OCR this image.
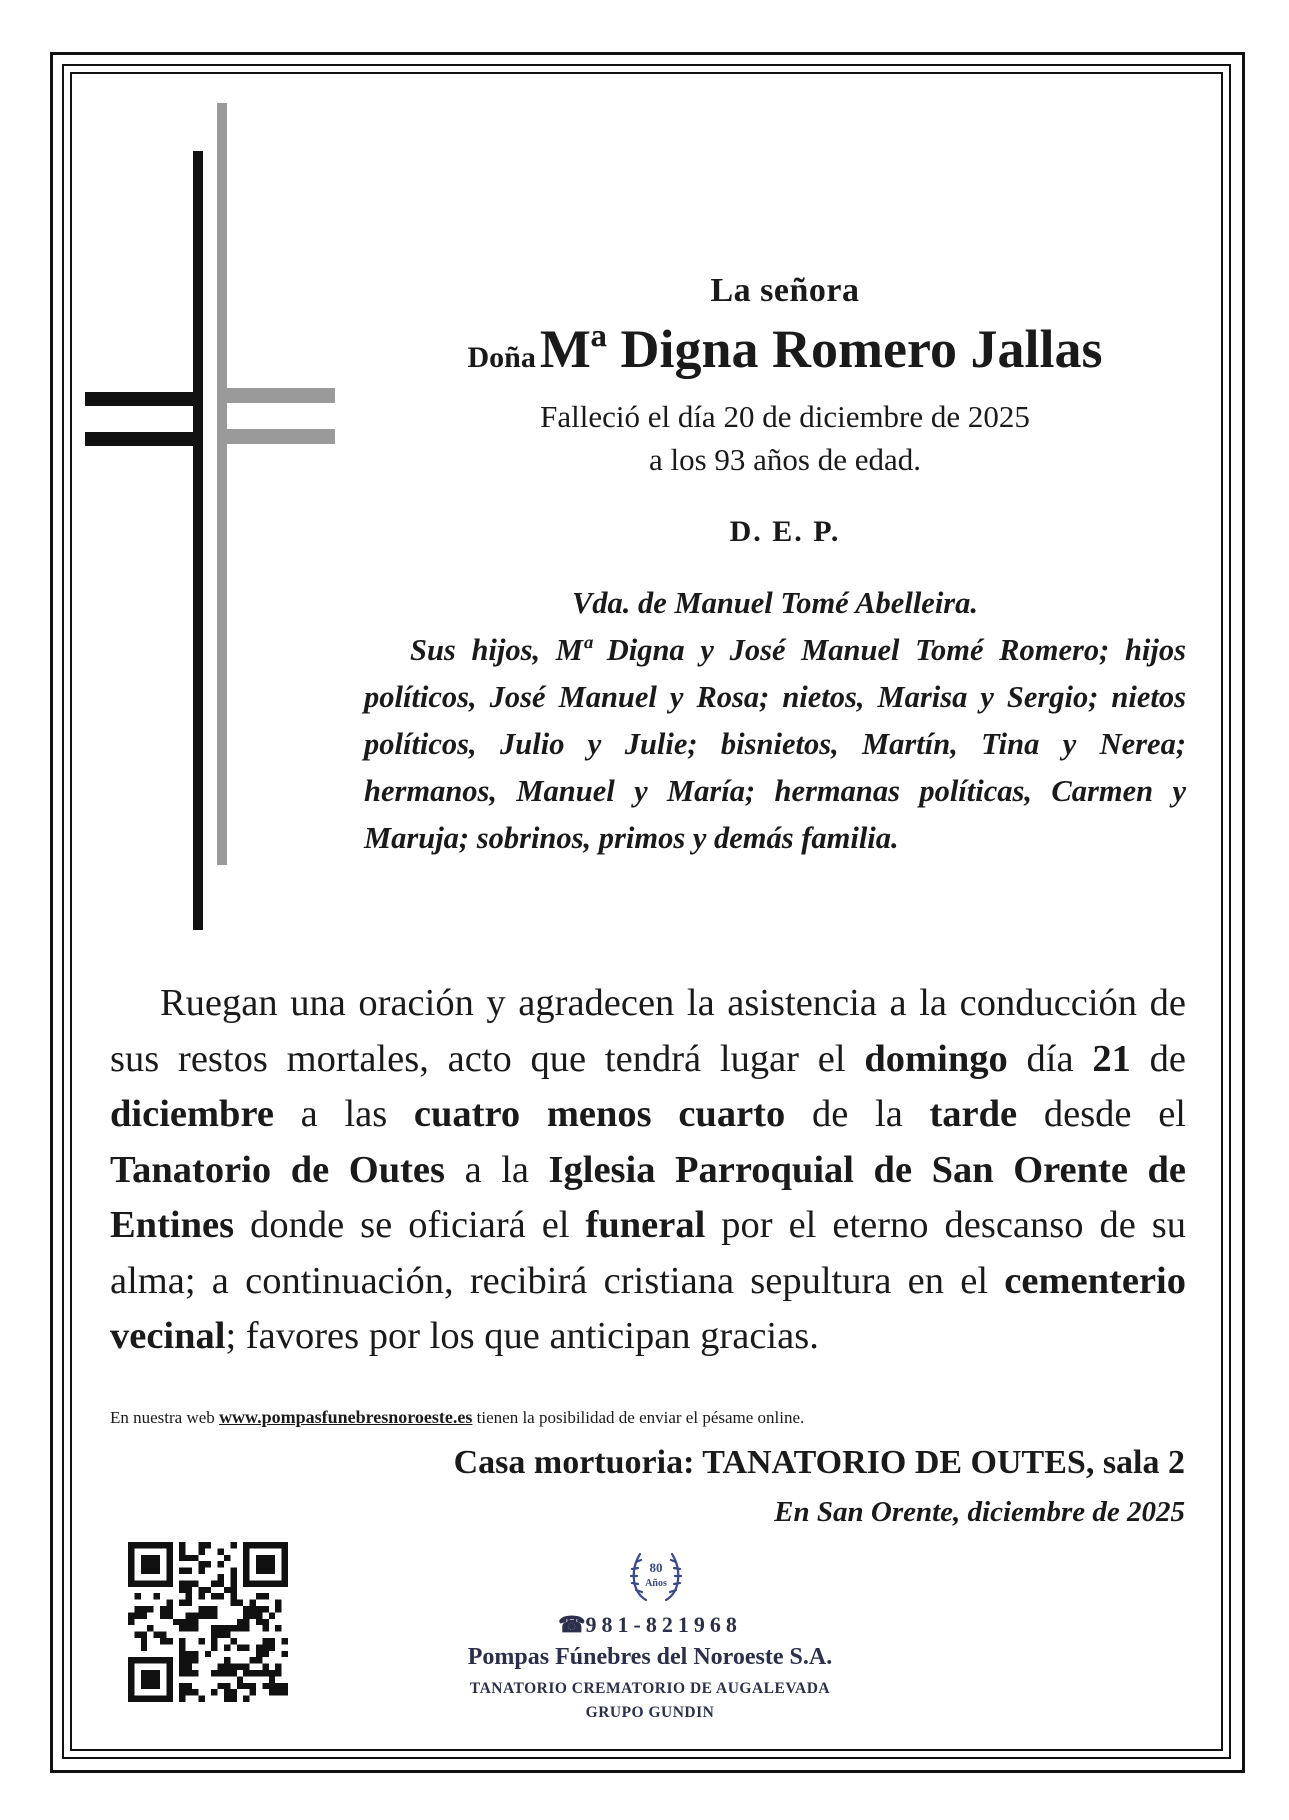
La señora
Doña Mª Digna Romero Jallas
Falleció el día 20 de diciembre de 2025
a los 93 años de edad.
D. E. P.
Vda. de Manuel Tomé Abelleira.
Sus hijos, Mª Digna y José Manuel Tomé Romero; hijos políticos, José Manuel y Rosa; nietos, Marisa y Sergio; nietos políticos, Julio y Julie; bisnietos, Martín, Tina y Nerea; hermanos, Manuel y María; hermanas políticas, Carmen y Maruja; sobrinos, primos y demás familia.
Ruegan una oración y agradecen la asistencia a la conducción de sus restos mortales, acto que tendrá lugar el domingo día 21 de diciembre a las cuatro menos cuarto de la tarde desde el Tanatorio de Outes a la Iglesia Parroquial de San Orente de Entines donde se oficiará el funeral por el eterno descanso de su alma; a continuación, recibirá cristiana sepultura en el cementerio vecinal; favores por los que anticipan gracias.
En nuestra web www.pompasfunebresnoroeste.es tienen la posibilidad de enviar el pésame online.
Casa mortuoria: TANATORIO DE OUTES, sala 2
En San Orente, diciembre de 2025
80
Años
☎981-821968
Pompas Fúnebres del Noroeste S.A.
TANATORIO CREMATORIO DE AUGALEVADA
GRUPO GUNDIN
